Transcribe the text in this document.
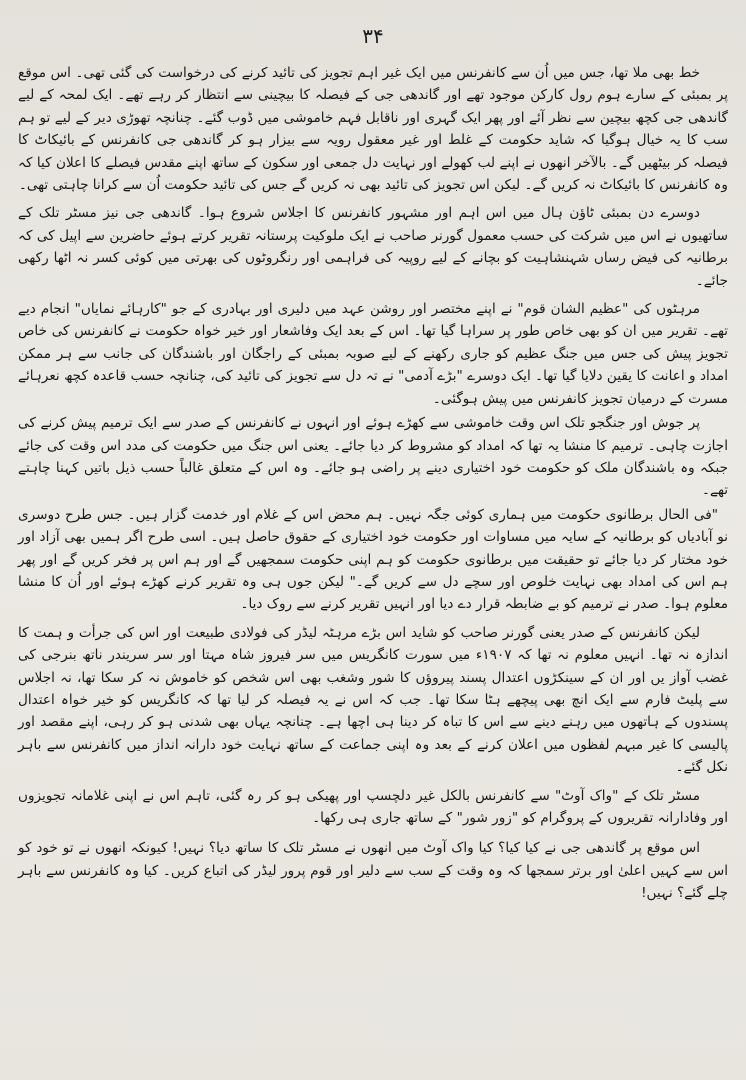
۳۴

خط بھی ملا تھا، جس میں اُن سے کانفرنس میں ایک غیر اہم تجویز کی تائید کرنے کی درخواست کی گئی تھی۔ اس موقع پر بمبئی کے سارے ہوم رول کارکن موجود تھے اور گاندھی جی کے فیصلہ کا بیچینی سے انتظار کر رہے تھے۔ ایک لمحہ کے لیے گاندھی جی کچھ بیچین سے نظر آئے اور پھر ایک گہری اور ناقابل فہم خاموشی میں ڈوب گئے۔ چنانچہ تھوڑی دیر کے لیے تو ہم سب کا یہ خیال ہوگیا کہ شاید حکومت کے غلط اور غیر معقول رویہ سے بیزار ہو کر گاندھی جی کانفرنس کے بائیکاٹ کا فیصلہ کر بیٹھیں گے۔ بالآخر انھوں نے اپنے لب کھولے اور نہایت دل جمعی اور سکون کے ساتھ اپنے مقدس فیصلے کا اعلان کیا کہ وہ کانفرنس کا بائیکاٹ نہ کریں گے۔ لیکن اس تجویز کی تائید بھی نہ کریں گے جس کی تائید حکومت اُن سے کرانا چاہتی تھی۔

دوسرے دن بمبئی ٹاؤن ہال میں اس اہم اور مشہور کانفرنس کا اجلاس شروع ہوا۔ گاندھی جی نیز مسٹر تلک کے ساتھیوں نے اس میں شرکت کی حسب معمول گورنر صاحب نے ایک ملوکیت پرستانہ تقریر کرتے ہوئے حاضرین سے اپیل کی کہ برطانیہ کی فیض رساں شہنشاہیت کو بچانے کے لیے روپیہ کی فراہمی اور رنگروٹوں کی بھرتی میں کوئی کسر نہ اٹھا رکھی جائے۔

مرہٹوں کی "عظیم الشان قوم" نے اپنے مختصر اور روشن عہد میں دلیری اور بہادری کے جو "کارہائے نمایاں" انجام دیے تھے۔ تقریر میں ان کو بھی خاص طور پر سراہا گیا تھا۔ اس کے بعد ایک وفاشعار اور خیر خواہ حکومت نے کانفرنس کی خاص تجویز پیش کی جس میں جنگ عظیم کو جاری رکھنے کے لیے صوبہ بمبئی کے راجگان اور باشندگان کی جانب سے ہر ممکن امداد و اعانت کا یقین دلایا گیا تھا۔ ایک دوسرے "بڑے آدمی" نے تہ دل سے تجویز کی تائید کی، چنانچہ حسب قاعدہ کچھ نعرہائے مسرت کے درمیان تجویز کانفرنس میں پیش ہوگئی۔

پر جوش اور جنگجو تلک اس وقت خاموشی سے کھڑے ہوئے اور انہوں نے کانفرنس کے صدر سے ایک ترمیم پیش کرنے کی اجازت چاہی۔ ترمیم کا منشا یہ تھا کہ امداد کو مشروط کر دیا جائے۔ یعنی اس جنگ میں حکومت کی مدد اس وقت کی جائے جبکہ وہ باشندگان ملک کو حکومت خود اختیاری دینے پر راضی ہو جائے۔ وہ اس کے متعلق غالباً حسب ذیل باتیں کہنا چاہتے تھے۔

"فی الحال برطانوی حکومت میں ہماری کوئی جگہ نہیں۔ ہم محض اس کے غلام اور خدمت گزار ہیں۔ جس طرح دوسری نو آبادیاں کو برطانیہ کے سایہ میں مساوات اور حکومت خود اختیاری کے حقوق حاصل ہیں۔ اسی طرح اگر ہمیں بھی آزاد اور خود مختار کر دیا جائے تو حقیقت میں برطانوی حکومت کو ہم اپنی حکومت سمجھیں گے اور ہم اس پر فخر کریں گے اور پھر ہم اس کی امداد بھی نہایت خلوص اور سچے دل سے کریں گے۔" لیکن جوں ہی وہ تقریر کرنے کھڑے ہوئے اور اُن کا منشا معلوم ہوا۔ صدر نے ترمیم کو بے ضابطہ قرار دے دیا اور انہیں تقریر کرنے سے روک دیا۔

لیکن کانفرنس کے صدر یعنی گورنر صاحب کو شاید اس بڑے مرہٹہ لیڈر کی فولادی طبیعت اور اس کی جرأت و ہمت کا اندازہ نہ تھا۔ انہیں معلوم نہ تھا کہ ۱۹۰۷ء میں سورت کانگریس میں سر فیروز شاہ مہتا اور سر سریندر ناتھ بنرجی کی غضب آواز یں اور ان کے سینکڑوں اعتدال پسند پیروؤں کا شور وشغب بھی اس شخص کو خاموش نہ کر سکا تھا، نہ اجلاس سے پلیٹ فارم سے ایک انچ بھی پیچھے ہٹا سکا تھا۔ جب کہ اس نے یہ فیصلہ کر لیا تھا کہ کانگریس کو خیر خواہ اعتدال پسندوں کے ہاتھوں میں رہنے دینے سے اس کا تباہ کر دینا ہی اچھا ہے۔ چنانچہ یہاں بھی شدنی ہو کر رہی، اپنے مقصد اور پالیسی کا غیر مبہم لفظوں میں اعلان کرنے کے بعد وہ اپنی جماعت کے ساتھ نہایت خود دارانہ انداز میں کانفرنس سے باہر نکل گئے۔

مسٹر تلک کے "واک آوٹ" سے کانفرنس بالکل غیر دلچسپ اور پھیکی ہو کر رہ گئی، تاہم اس نے اپنی غلامانہ تجویزوں اور وفادارانہ تقریروں کے پروگرام کو "زور شور" کے ساتھ جاری ہی رکھا۔

اس موقع پر گاندھی جی نے کیا کیا؟ کیا واک آوٹ میں انھوں نے مسٹر تلک کا ساتھ دیا؟ نہیں! کیونکہ انھوں نے تو خود کو اس سے کہیں اعلیٰ اور برتر سمجھا کہ وہ وقت کے سب سے دلیر اور قوم پرور لیڈر کی اتباع کریں۔ کیا وہ کانفرنس سے باہر چلے گئے؟ نہیں!
